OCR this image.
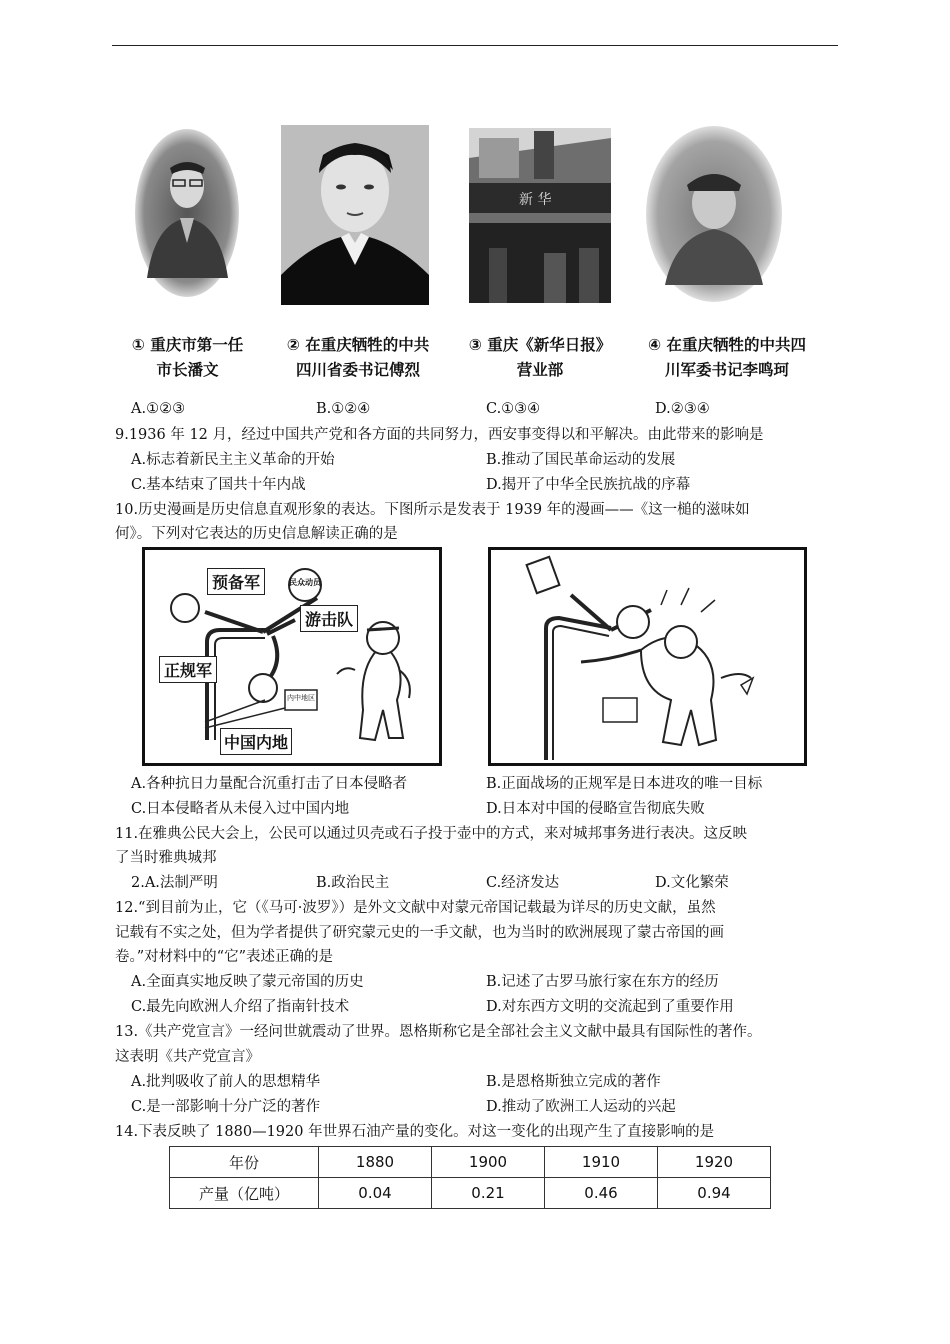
新 华
① 重庆市第一任
市长潘文
② 在重庆牺牲的中共
四川省委书记傅烈
③ 重庆《新华日报》
营业部
④ 在重庆牺牲的中共四
川军委书记李鸣珂
A.①②③	B.①②④	C.①③④	D.②③④
9.1936 年 12 月，经过中国共产党和各方面的共同努力，西安事变得以和平解决。由此带来的影响是
A.标志着新民主主义革命的开始	B.推动了国民革命运动的发展
C.基本结束了国共十年内战	D.揭开了中华全民族抗战的序幕
10.历史漫画是历史信息直观形象的表达。下图所示是发表于 1939 年的漫画——《这一槌的滋味如
何》。下列对它表达的历史信息解读正确的是
预备军
游击队
正规军
中国内地
民众动员
内中地区
A.各种抗日力量配合沉重打击了日本侵略者	B.正面战场的正规军是日本进攻的唯一目标
C.日本侵略者从未侵入过中国内地	D.日本对中国的侵略宣告彻底失败
11.在雅典公民大会上，公民可以通过贝壳或石子投于壶中的方式，来对城邦事务进行表决。这反映
了当时雅典城邦
2.A.法制严明	B.政治民主	C.经济发达	D.文化繁荣
12.“到目前为止，它（《马可·波罗》）是外文文献中对蒙元帝国记载最为详尽的历史文献，虽然
记载有不实之处，但为学者提供了研究蒙元史的一手文献，也为当时的欧洲展现了蒙古帝国的画
卷。”对材料中的“它”表述正确的是
A.全面真实地反映了蒙元帝国的历史	B.记述了古罗马旅行家在东方的经历
C.最先向欧洲人介绍了指南针技术	D.对东西方文明的交流起到了重要作用
13.《共产党宣言》一经问世就震动了世界。恩格斯称它是全部社会主义文献中最具有国际性的著作。
这表明《共产党宣言》
A.批判吸收了前人的思想精华	B.是恩格斯独立完成的著作
C.是一部影响十分广泛的著作	D.推动了欧洲工人运动的兴起
14.下表反映了 1880—1920 年世界石油产量的变化。对这一变化的出现产生了直接影响的是
年份	1880	1900	1910	1920
产量（亿吨）	0.04	0.21	0.46	0.94
